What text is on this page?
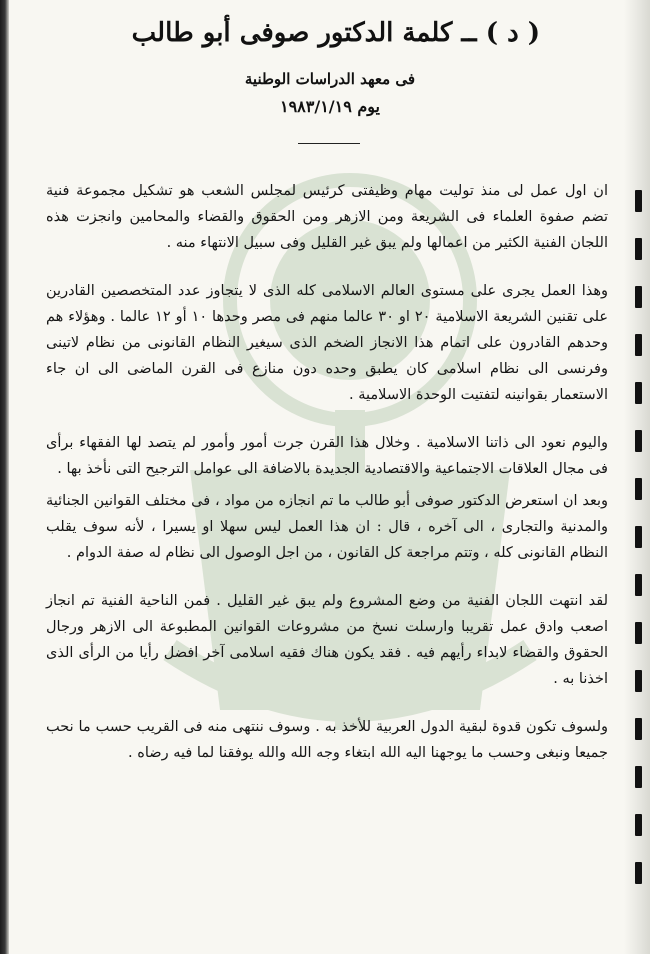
( د ) ــ كلمة الدكتور صوفى أبو طالب
فى معهد الدراسات الوطنية
يوم ١٩٨٣/١/١٩

ان اول عمل لى منذ توليت مهام وظيفتى كرئيس لمجلس الشعب هو تشكيل مجموعة فنية تضم صفوة العلماء فى الشريعة ومن الازهر ومن الحقوق والقضاء والمحامين وانجزت هذه اللجان الفنية الكثير من اعمالها ولم يبق غير القليل وفى سبيل الانتهاء منه .

وهذا العمل يجرى على مستوى العالم الاسلامى كله الذى لا يتجاوز عدد المتخصصين القادرين على تقنين الشريعة الاسلامية ٢٠ او ٣٠ عالما منهم فى مصر وحدها ١٠ أو ١٢ عالما . وهؤلاء هم وحدهم القادرون على اتمام هذا الانجاز الضخم الذى سيغير النظام القانونى من نظام لاتينى وفرنسى الى نظام اسلامى كان يطبق وحده دون منازع فى القرن الماضى الى ان جاء الاستعمار بقوانينه لتفتيت الوحدة الاسلامية .

واليوم نعود الى ذاتنا الاسلامية . وخلال هذا القرن جرت أمور وأمور لم يتصد لها الفقهاء برأى فى مجال العلاقات الاجتماعية والاقتصادية الجديدة بالاضافة الى عوامل الترجيح التى نأخذ بها .

وبعد ان استعرض الدكتور صوفى أبو طالب ما تم انجازه من مواد ، فى مختلف القوانين الجنائية والمدنية والتجارى ، الى آخره ، قال : ان هذا العمل ليس سهلا او يسيرا ، لأنه سوف يقلب النظام القانونى كله ، وتتم مراجعة كل القانون ، من اجل الوصول الى نظام له صفة الدوام .

لقد انتهت اللجان الفنية من وضع المشروع ولم يبق غير القليل . فمن الناحية الفنية تم انجاز اصعب وادق عمل تقريبا وارسلت نسخ من مشروعات القوانين المطبوعة الى الازهر ورجال الحقوق والقضاء لابداء رأيهم فيه . فقد يكون هناك فقيه اسلامى آخر افضل رأيا من الرأى الذى اخذنا به .

ولسوف تكون قدوة لبقية الدول العربية للأخذ به . وسوف ننتهى منه فى القريب حسب ما نحب جميعا ونبغى وحسب ما يوجهنا اليه الله ابتغاء وجه الله والله يوفقنا لما فيه رضاه .
